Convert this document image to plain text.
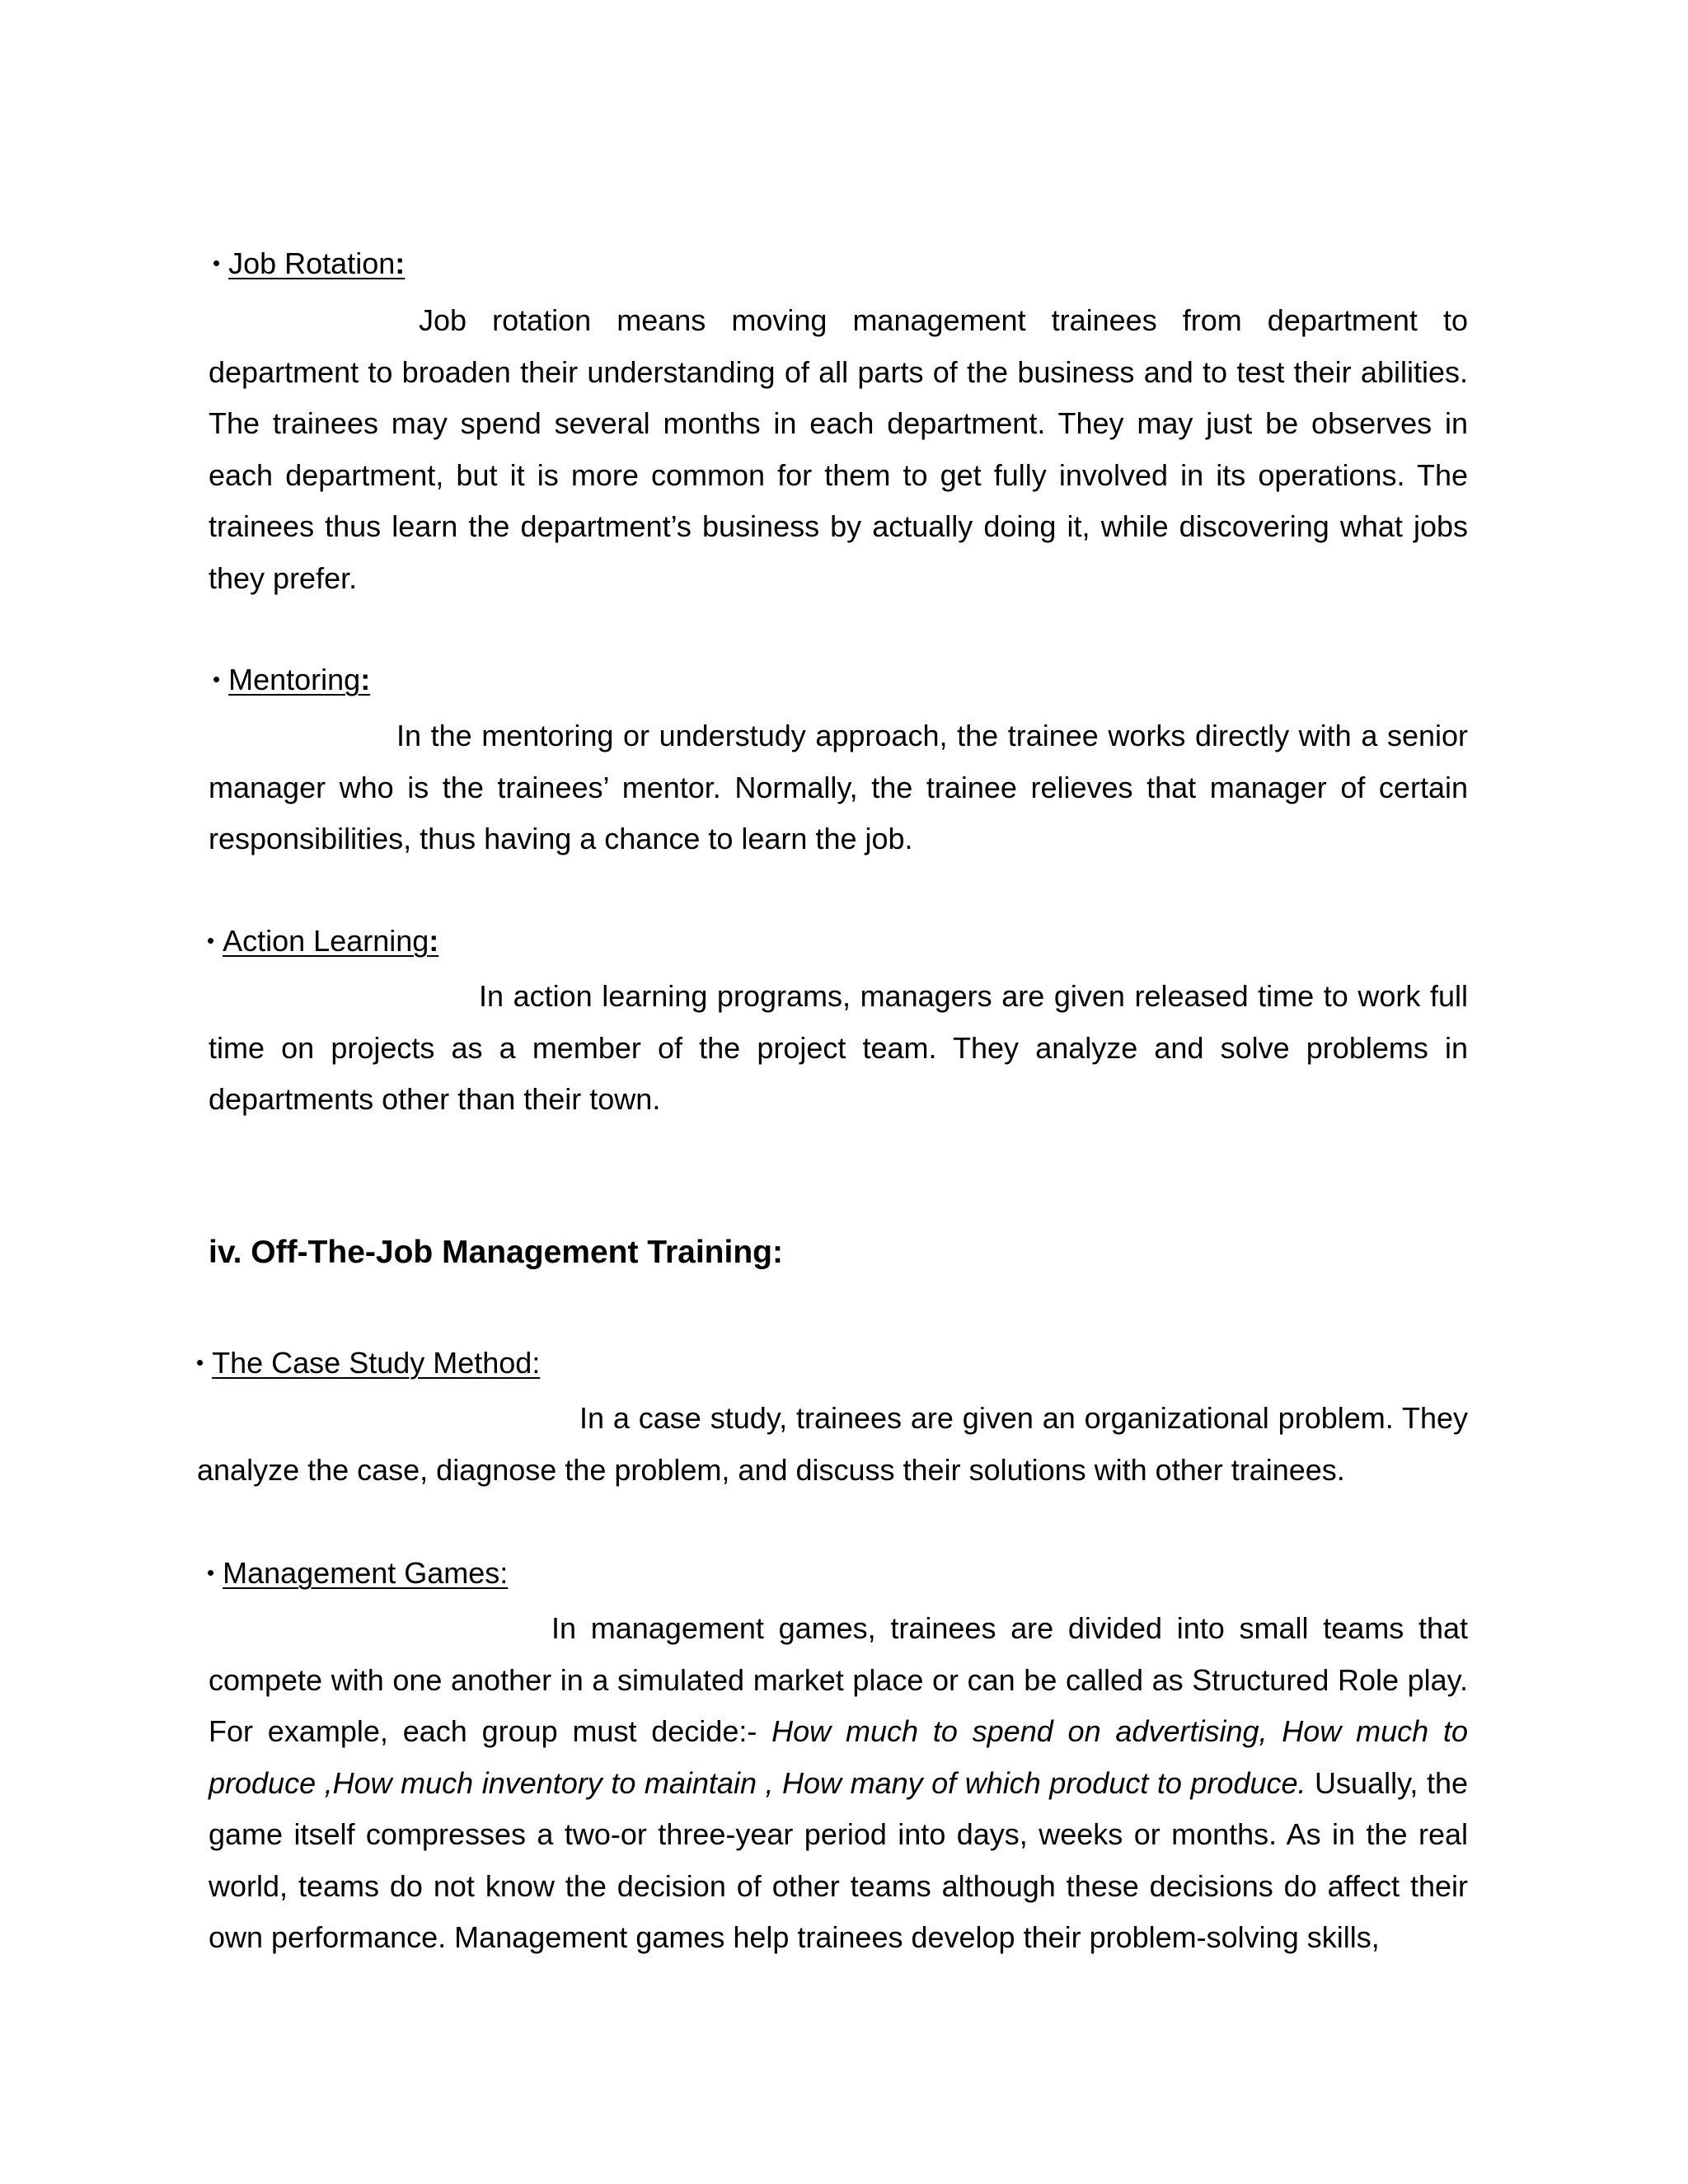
• Job Rotation:

Job rotation means moving management trainees from department to department to broaden their understanding of all parts of the business and to test their abilities. The trainees may spend several months in each department. They may just be observes in each department, but it is more common for them to get fully involved in its operations. The trainees thus learn the department’s business by actually doing it, while discovering what jobs they prefer.

• Mentoring:

In the mentoring or understudy approach, the trainee works directly with a senior manager who is the trainees’ mentor. Normally, the trainee relieves that manager of certain responsibilities, thus having a chance to learn the job.

• Action Learning:

In action learning programs, managers are given released time to work full time on projects as a member of the project team. They analyze and solve problems in departments other than their town.

iv. Off-The-Job Management Training:
• The Case Study Method:

In a case study, trainees are given an organizational problem. They analyze the case, diagnose the problem, and discuss their solutions with other trainees.

• Management Games:

In management games, trainees are divided into small teams that compete with one another in a simulated market place or can be called as Structured Role play. For example, each group must decide:- How much to spend on advertising, How much to produce ,How much inventory to maintain , How many of which product to produce. Usually, the game itself compresses a two-or three-year period into days, weeks or months. As in the real world, teams do not know the decision of other teams although these decisions do affect their own performance. Management games help trainees develop their problem-solving skills,
